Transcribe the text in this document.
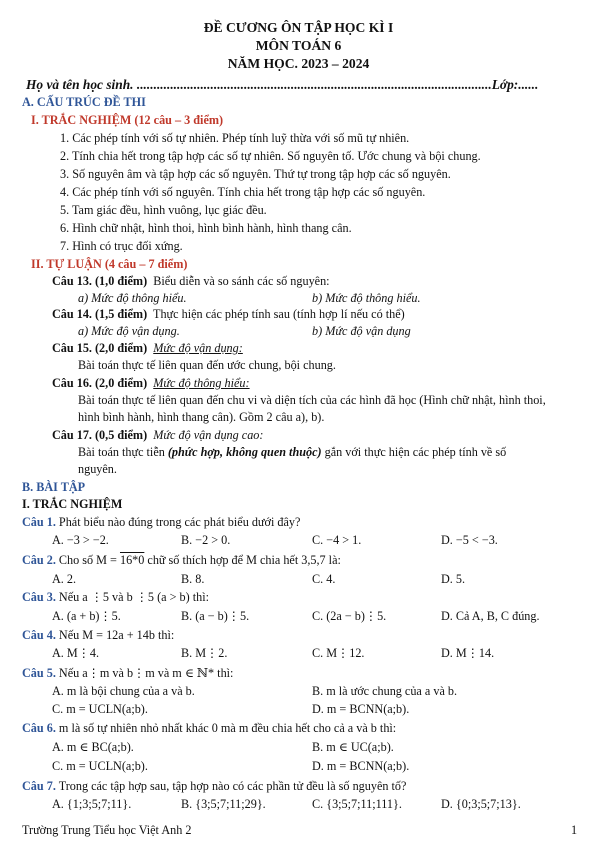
ĐỀ CƯƠNG ÔN TẬP HỌC KÌ I
MÔN TOÁN 6
NĂM HỌC. 2023 – 2024
Họ và tên học sinh. ..........................................................................................................Lớp:......
A. CẤU TRÚC ĐỀ THI
I. TRẮC NGHIỆM (12 câu – 3 điểm)
1. Các phép tính với số tự nhiên. Phép tính luỹ thừa với số mũ tự nhiên.
2. Tính chia hết trong tập hợp các số tự nhiên. Số nguyên tố. Ước chung và bội chung.
3. Số nguyên âm và tập hợp các số nguyên. Thứ tự trong tập hợp các số nguyên.
4. Các phép tính với số nguyên. Tính chia hết trong tập hợp các số nguyên.
5. Tam giác đều, hình vuông, lục giác đều.
6. Hình chữ nhật, hình thoi, hình bình hành, hình thang cân.
7. Hình có trục đối xứng.
II. TỰ LUẬN (4 câu – 7 điểm)
Câu 13. (1,0 điểm) Biểu diễn và so sánh các số nguyên:
a) Mức độ thông hiểu.	b) Mức độ thông hiểu.
Câu 14. (1,5 điểm) Thực hiện các phép tính sau (tính hợp lí nếu có thể)
a) Mức độ vận dụng.	b) Mức độ vận dụng
Câu 15. (2,0 điểm) Mức độ vận dụng:
Bài toán thực tế liên quan đến ước chung, bội chung.
Câu 16. (2,0 điểm) Mức độ thông hiểu:
Bài toán thực tế liên quan đến chu vi và diện tích của các hình đã học (Hình chữ nhật, hình thoi,
hình bình hành, hình thang cân). Gồm 2 câu a), b).
Câu 17. (0,5 điểm) Mức độ vận dụng cao:
Bài toán thực tiễn (phức hợp, không quen thuộc) gắn với thực hiện các phép tính về số
nguyên.
B. BÀI TẬP
I. TRẮC NGHIỆM
Câu 1. Phát biểu nào đúng trong các phát biểu dưới đây?
A. −3 > −2.	B. −2 > 0.	C. −4 > 1.	D. −5 < −3.
Câu 2. Cho số M = 16*0 chữ số thích hợp để M chia hết 3,5,7 là:
A. 2.	B. 8.	C. 4.	D. 5.
Câu 3. Nếu a ⋮5 và b ⋮5 (a > b) thì:
A. (a + b)⋮5.	B. (a − b)⋮5.	C. (2a − b)⋮5.	D. Cả A, B, C đúng.
Câu 4. Nếu M = 12a + 14b thì:
A. M⋮4.	B. M⋮2.	C. M⋮12.	D. M⋮14.
Câu 5. Nếu a⋮m và b⋮m và m ∈ ℕ* thì:
A. m là bội chung của a và b.	B. m là ước chung của a và b.
C. m = UCLN(a;b).	D. m = BCNN(a;b).
Câu 6. m là số tự nhiên nhỏ nhất khác 0 mà m đều chia hết cho cả a và b thì:
A. m ∈ BC(a;b).	B. m ∈ UC(a;b).
C. m = UCLN(a;b).	D. m = BCNN(a;b).
Câu 7. Trong các tập hợp sau, tập hợp nào có các phần tử đều là số nguyên tố?
A. {1;3;5;7;11}.	B. {3;5;7;11;29}.	C. {3;5;7;11;111}.	D. {0;3;5;7;13}.
Trường Trung Tiểu học Việt Anh 2	1
